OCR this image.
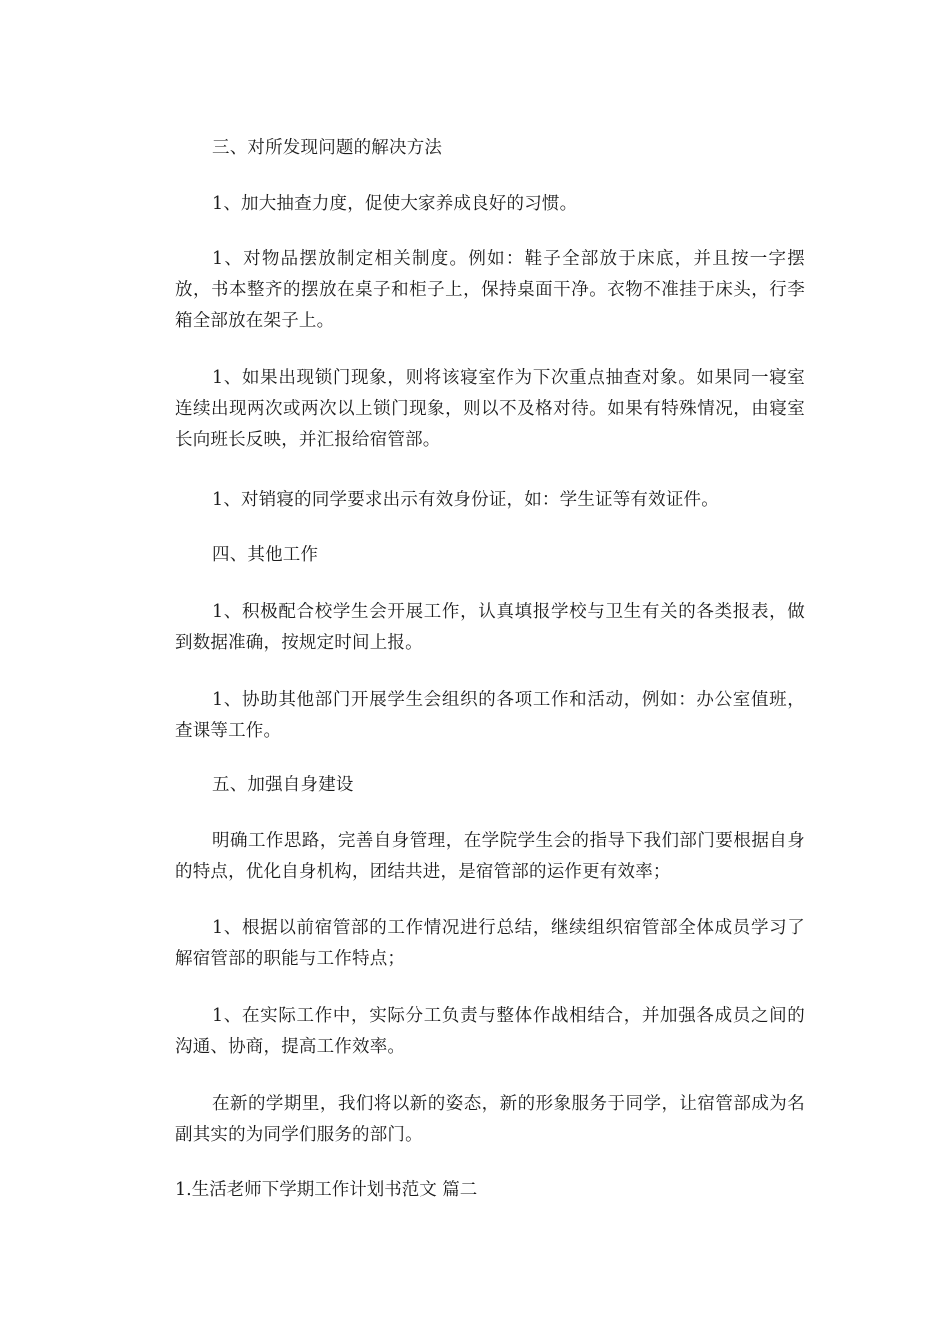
三、对所发现问题的解决方法

1、加大抽查力度，促使大家养成良好的习惯。

1、对物品摆放制定相关制度。例如：鞋子全部放于床底，并且按一字摆放，书本整齐的摆放在桌子和柜子上，保持桌面干净。衣物不准挂于床头，行李箱全部放在架子上。

1、如果出现锁门现象，则将该寝室作为下次重点抽查对象。如果同一寝室连续出现两次或两次以上锁门现象，则以不及格对待。如果有特殊情况，由寝室长向班长反映，并汇报给宿管部。

1、对销寝的同学要求出示有效身份证，如：学生证等有效证件。

四、其他工作

1、积极配合校学生会开展工作，认真填报学校与卫生有关的各类报表，做到数据准确，按规定时间上报。

1、协助其他部门开展学生会组织的各项工作和活动，例如：办公室值班，查课等工作。

五、加强自身建设

明确工作思路，完善自身管理，在学院学生会的指导下我们部门要根据自身的特点，优化自身机构，团结共进，是宿管部的运作更有效率；

1、根据以前宿管部的工作情况进行总结，继续组织宿管部全体成员学习了解宿管部的职能与工作特点；

1、在实际工作中，实际分工负责与整体作战相结合，并加强各成员之间的沟通、协商，提高工作效率。

在新的学期里，我们将以新的姿态，新的形象服务于同学，让宿管部成为名副其实的为同学们服务的部门。

1.生活老师下学期工作计划书范文 篇二
